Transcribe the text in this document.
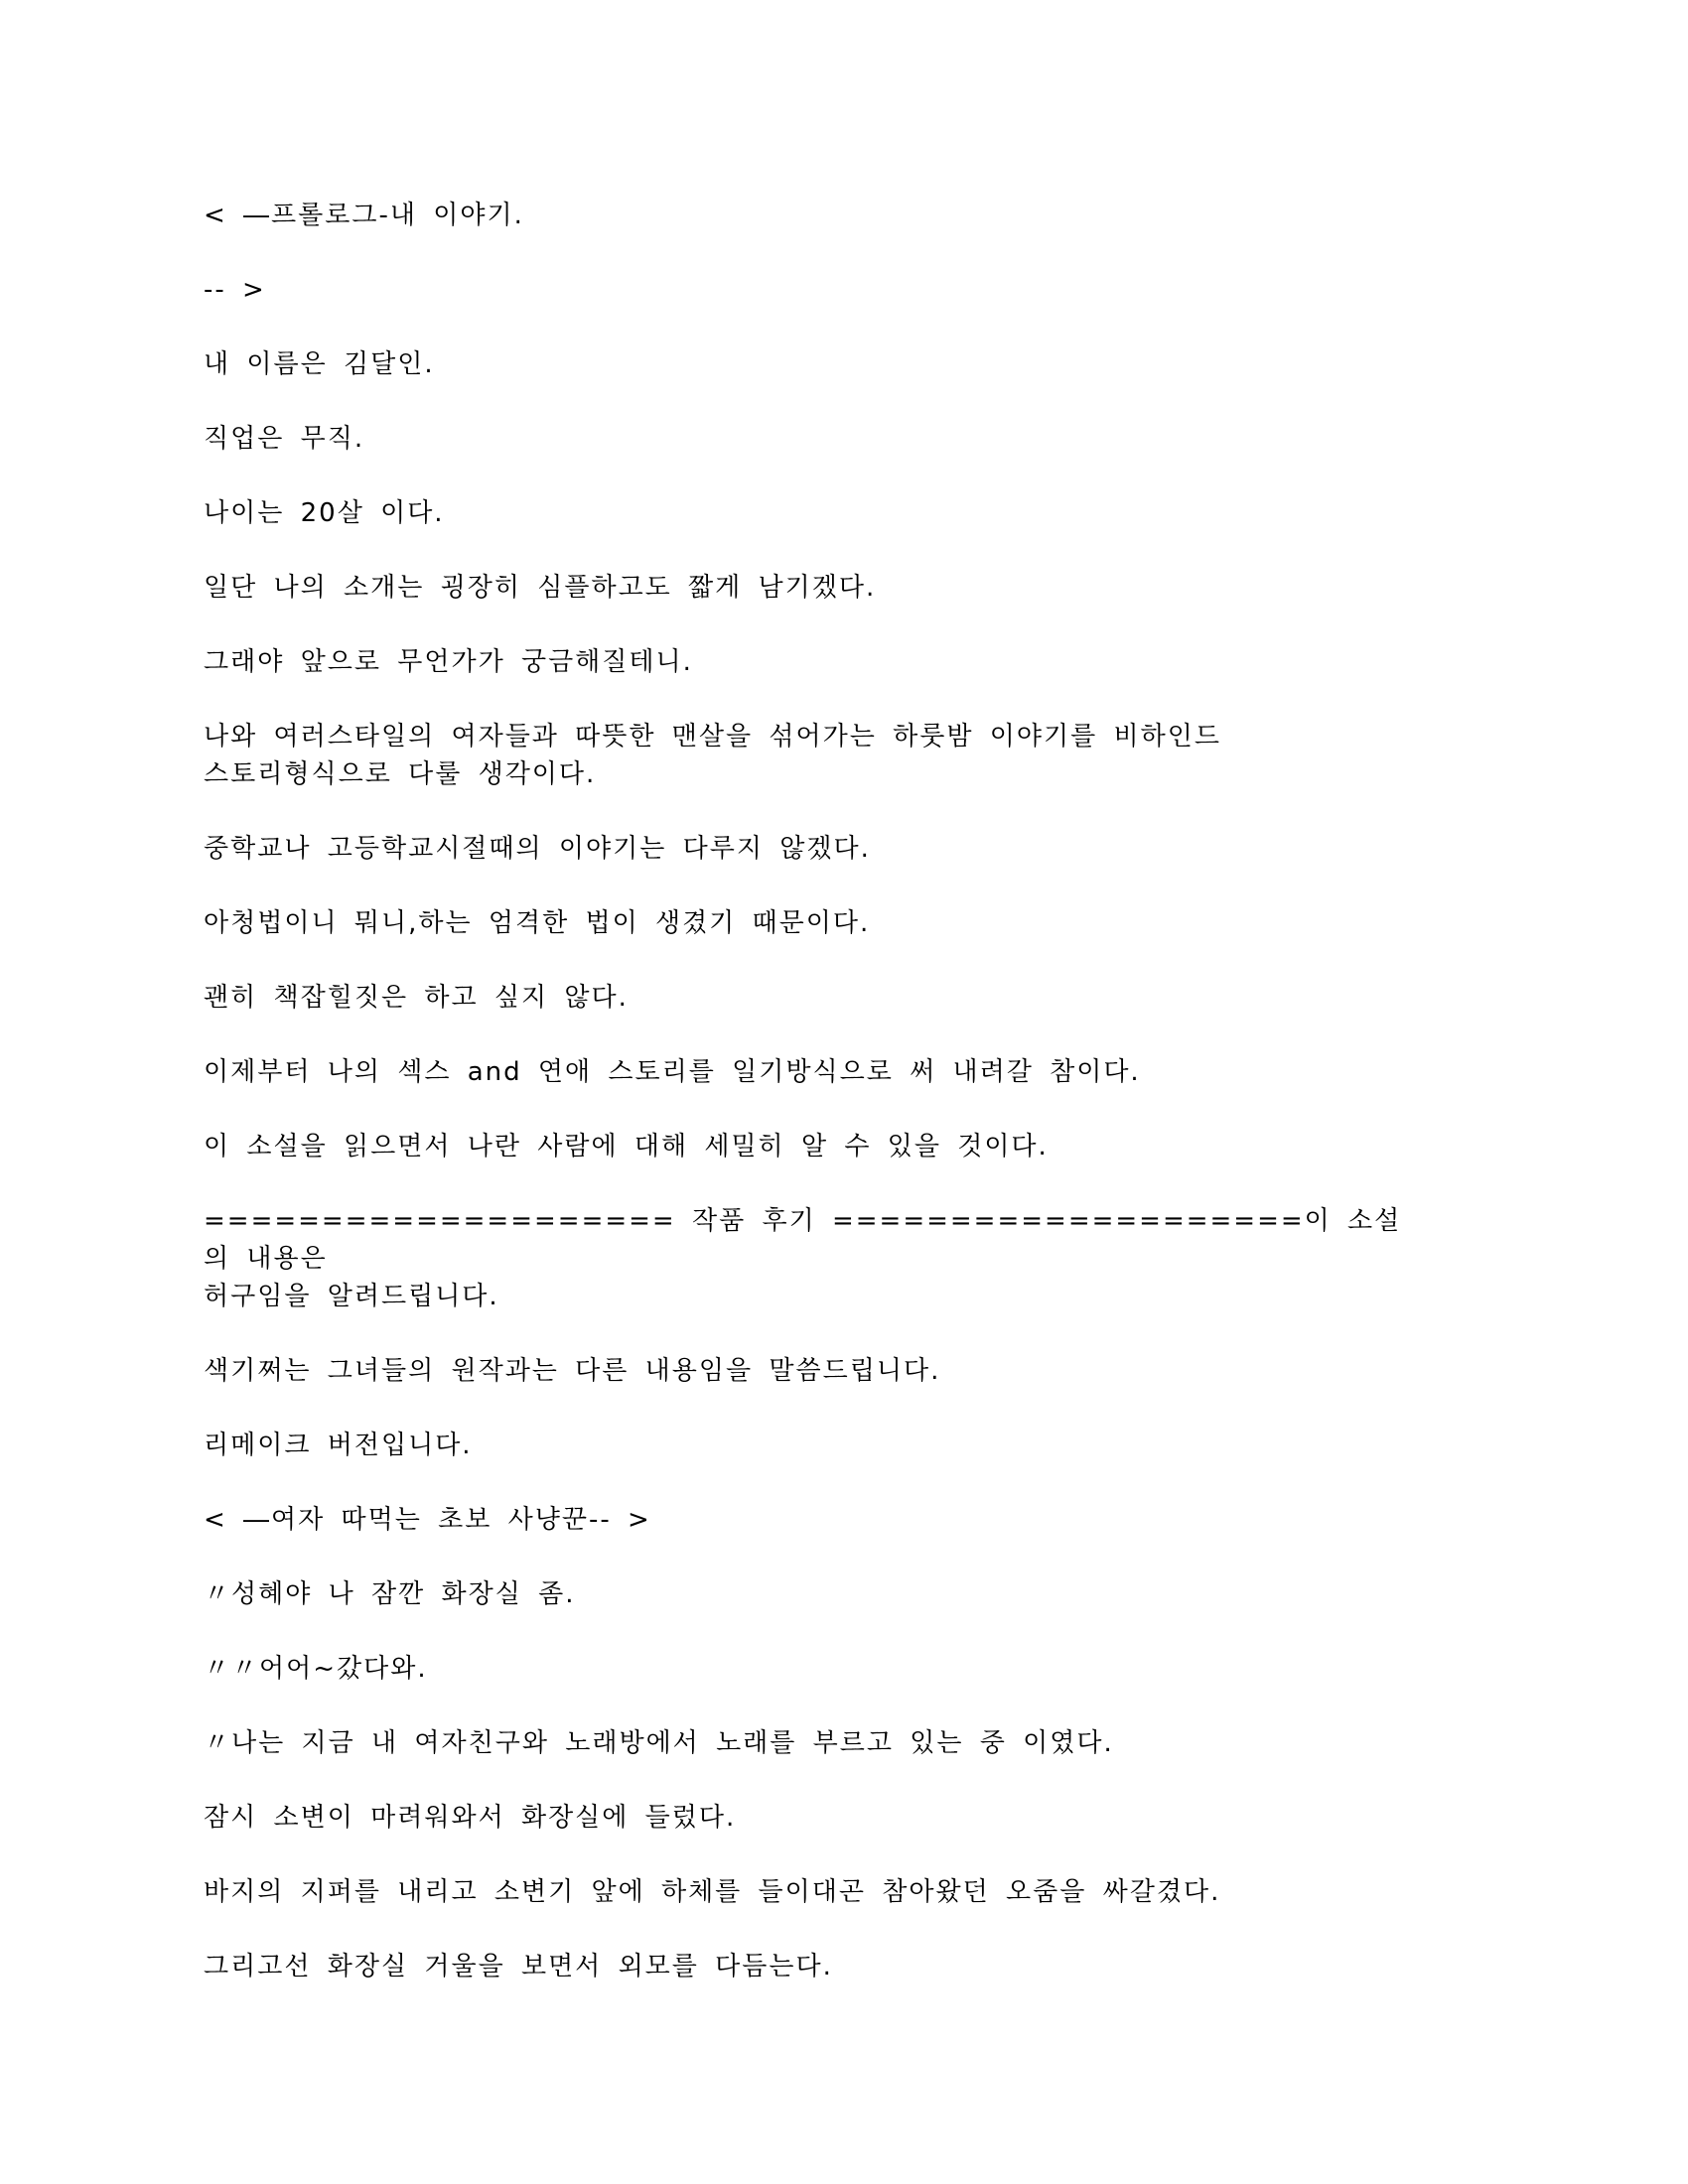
< ―프롤로그-내 이야기.

-- >

내 이름은 김달인.

직업은 무직.

나이는 20살 이다.

일단 나의 소개는 굉장히 심플하고도 짧게 남기겠다.

그래야 앞으로 무언가가 궁금해질테니.

나와 여러스타일의 여자들과 따뜻한 맨살을 섞어가는 하룻밤 이야기를 비하인드
스토리형식으로 다룰 생각이다.

중학교나 고등학교시절때의 이야기는 다루지 않겠다.

아청법이니 뭐니,하는 엄격한 법이 생겼기 때문이다.

괜히 책잡힐짓은 하고 싶지 않다.

이제부터 나의 섹스 and 연애 스토리를 일기방식으로 써 내려갈 참이다.

이 소설을 읽으면서 나란 사람에 대해 세밀히 알 수 있을 것이다.

==================== 작품 후기 ====================이 소설의 내용은
허구임을 알려드립니다.

색기쩌는 그녀들의 원작과는 다른 내용임을 말씀드립니다.

리메이크 버전입니다.

< ―여자 따먹는 초보 사냥꾼-- >

〃성혜야 나 잠깐 화장실 좀.

〃〃어어~갔다와.

〃나는 지금 내 여자친구와 노래방에서 노래를 부르고 있는 중 이였다.

잠시 소변이 마려워와서 화장실에 들렀다.

바지의 지퍼를 내리고 소변기 앞에 하체를 들이대곤 참아왔던 오줌을 싸갈겼다.

그리고선 화장실 거울을 보면서 외모를 다듬는다.
